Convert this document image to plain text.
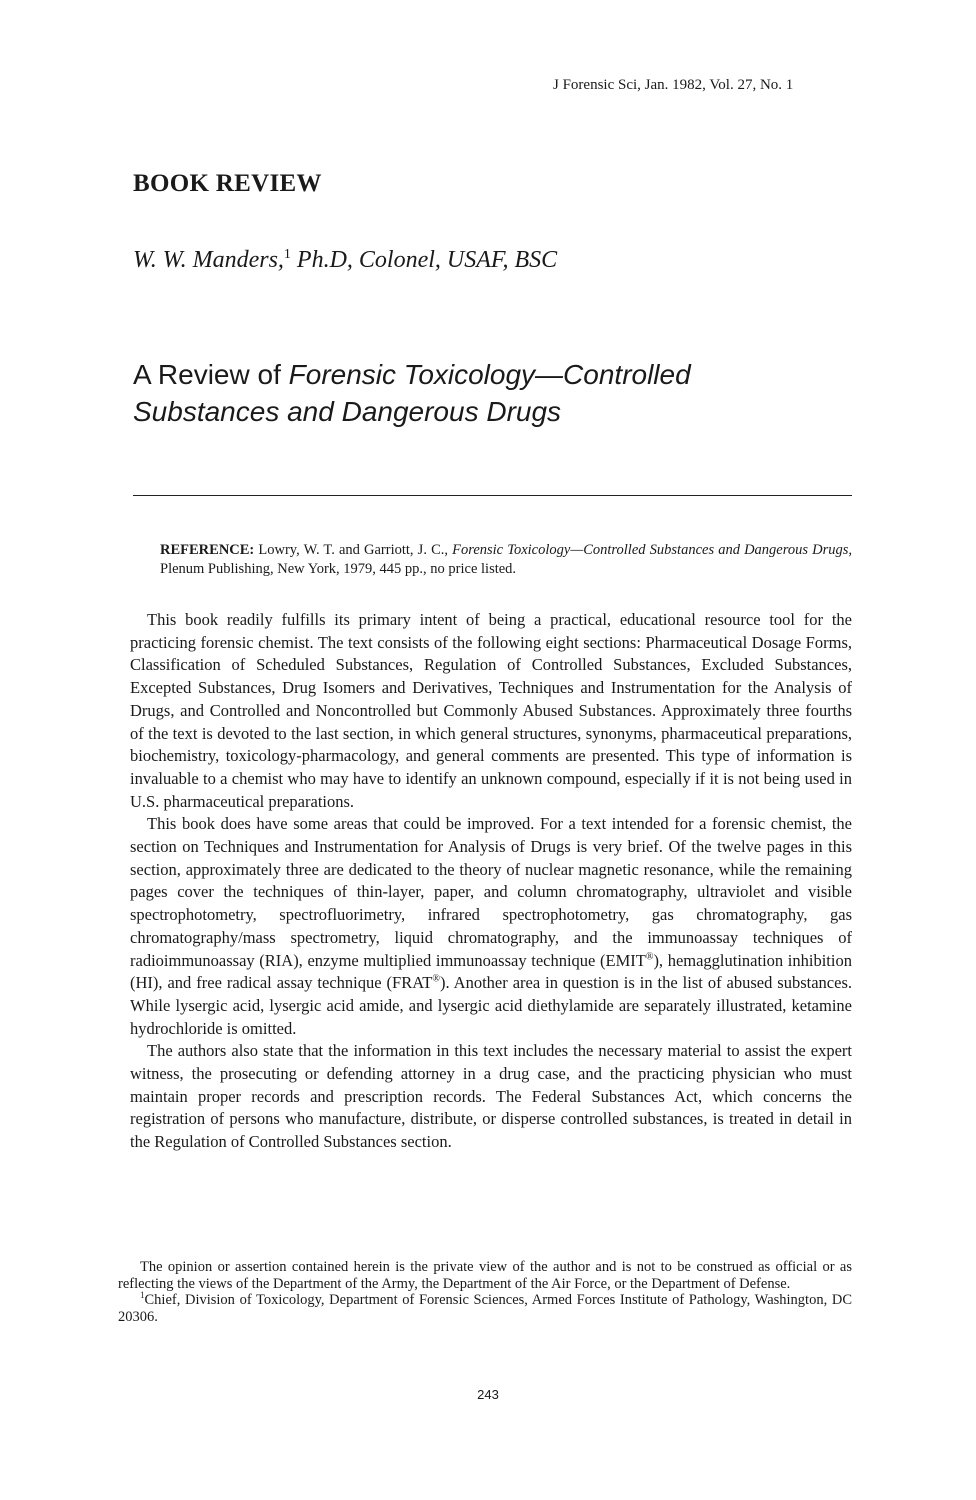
J Forensic Sci, Jan. 1982, Vol. 27, No. 1
BOOK REVIEW
W. W. Manders,$^1$ Ph.D, Colonel, USAF, BSC
A Review of Forensic Toxicology—Controlled
Substances and Dangerous Drugs
REFERENCE: Lowry, W. T. and Garriott, J. C., Forensic Toxicology—Controlled Substances and Dangerous Drugs, Plenum Publishing, New York, 1979, 445 pp., no price listed.

This book readily fulfills its primary intent of being a practical, educational resource tool for the practicing forensic chemist. The text consists of the following eight sections: Pharmaceutical Dosage Forms, Classification of Scheduled Substances, Regulation of Controlled Substances, Excluded Substances, Excepted Substances, Drug Isomers and Derivatives, Techniques and Instrumentation for the Analysis of Drugs, and Controlled and Noncontrolled but Commonly Abused Substances. Approximately three fourths of the text is devoted to the last section, in which general structures, synonyms, pharmaceutical preparations, biochemistry, toxicology-pharmacology, and general comments are presented. This type of information is invaluable to a chemist who may have to identify an unknown compound, especially if it is not being used in U.S. pharmaceutical preparations.

This book does have some areas that could be improved. For a text intended for a forensic chemist, the section on Techniques and Instrumentation for Analysis of Drugs is very brief. Of the twelve pages in this section, approximately three are dedicated to the theory of nuclear magnetic resonance, while the remaining pages cover the techniques of thin-layer, paper, and column chromatography, ultraviolet and visible spectrophotometry, spectrofluorimetry, infrared spectrophotometry, gas chromatography, gas chromatography/mass spectrometry, liquid chromatography, and the immunoassay techniques of radioimmunoassay (RIA), enzyme multiplied immunoassay technique (EMIT®), hemagglutination inhibition (HI), and free radical assay technique (FRAT®). Another area in question is in the list of abused substances. While lysergic acid, lysergic acid amide, and lysergic acid diethylamide are separately illustrated, ketamine hydrochloride is omitted.

The authors also state that the information in this text includes the necessary material to assist the expert witness, the prosecuting or defending attorney in a drug case, and the practicing physician who must maintain proper records and prescription records. The Federal Substances Act, which concerns the registration of persons who manufacture, distribute, or disperse controlled substances, is treated in detail in the Regulation of Controlled Substances section.

The opinion or assertion contained herein is the private view of the author and is not to be construed as official or as reflecting the views of the Department of the Army, the Department of the Air Force, or the Department of Defense.

$^1$Chief, Division of Toxicology, Department of Forensic Sciences, Armed Forces Institute of Pathology, Washington, DC 20306.

243
